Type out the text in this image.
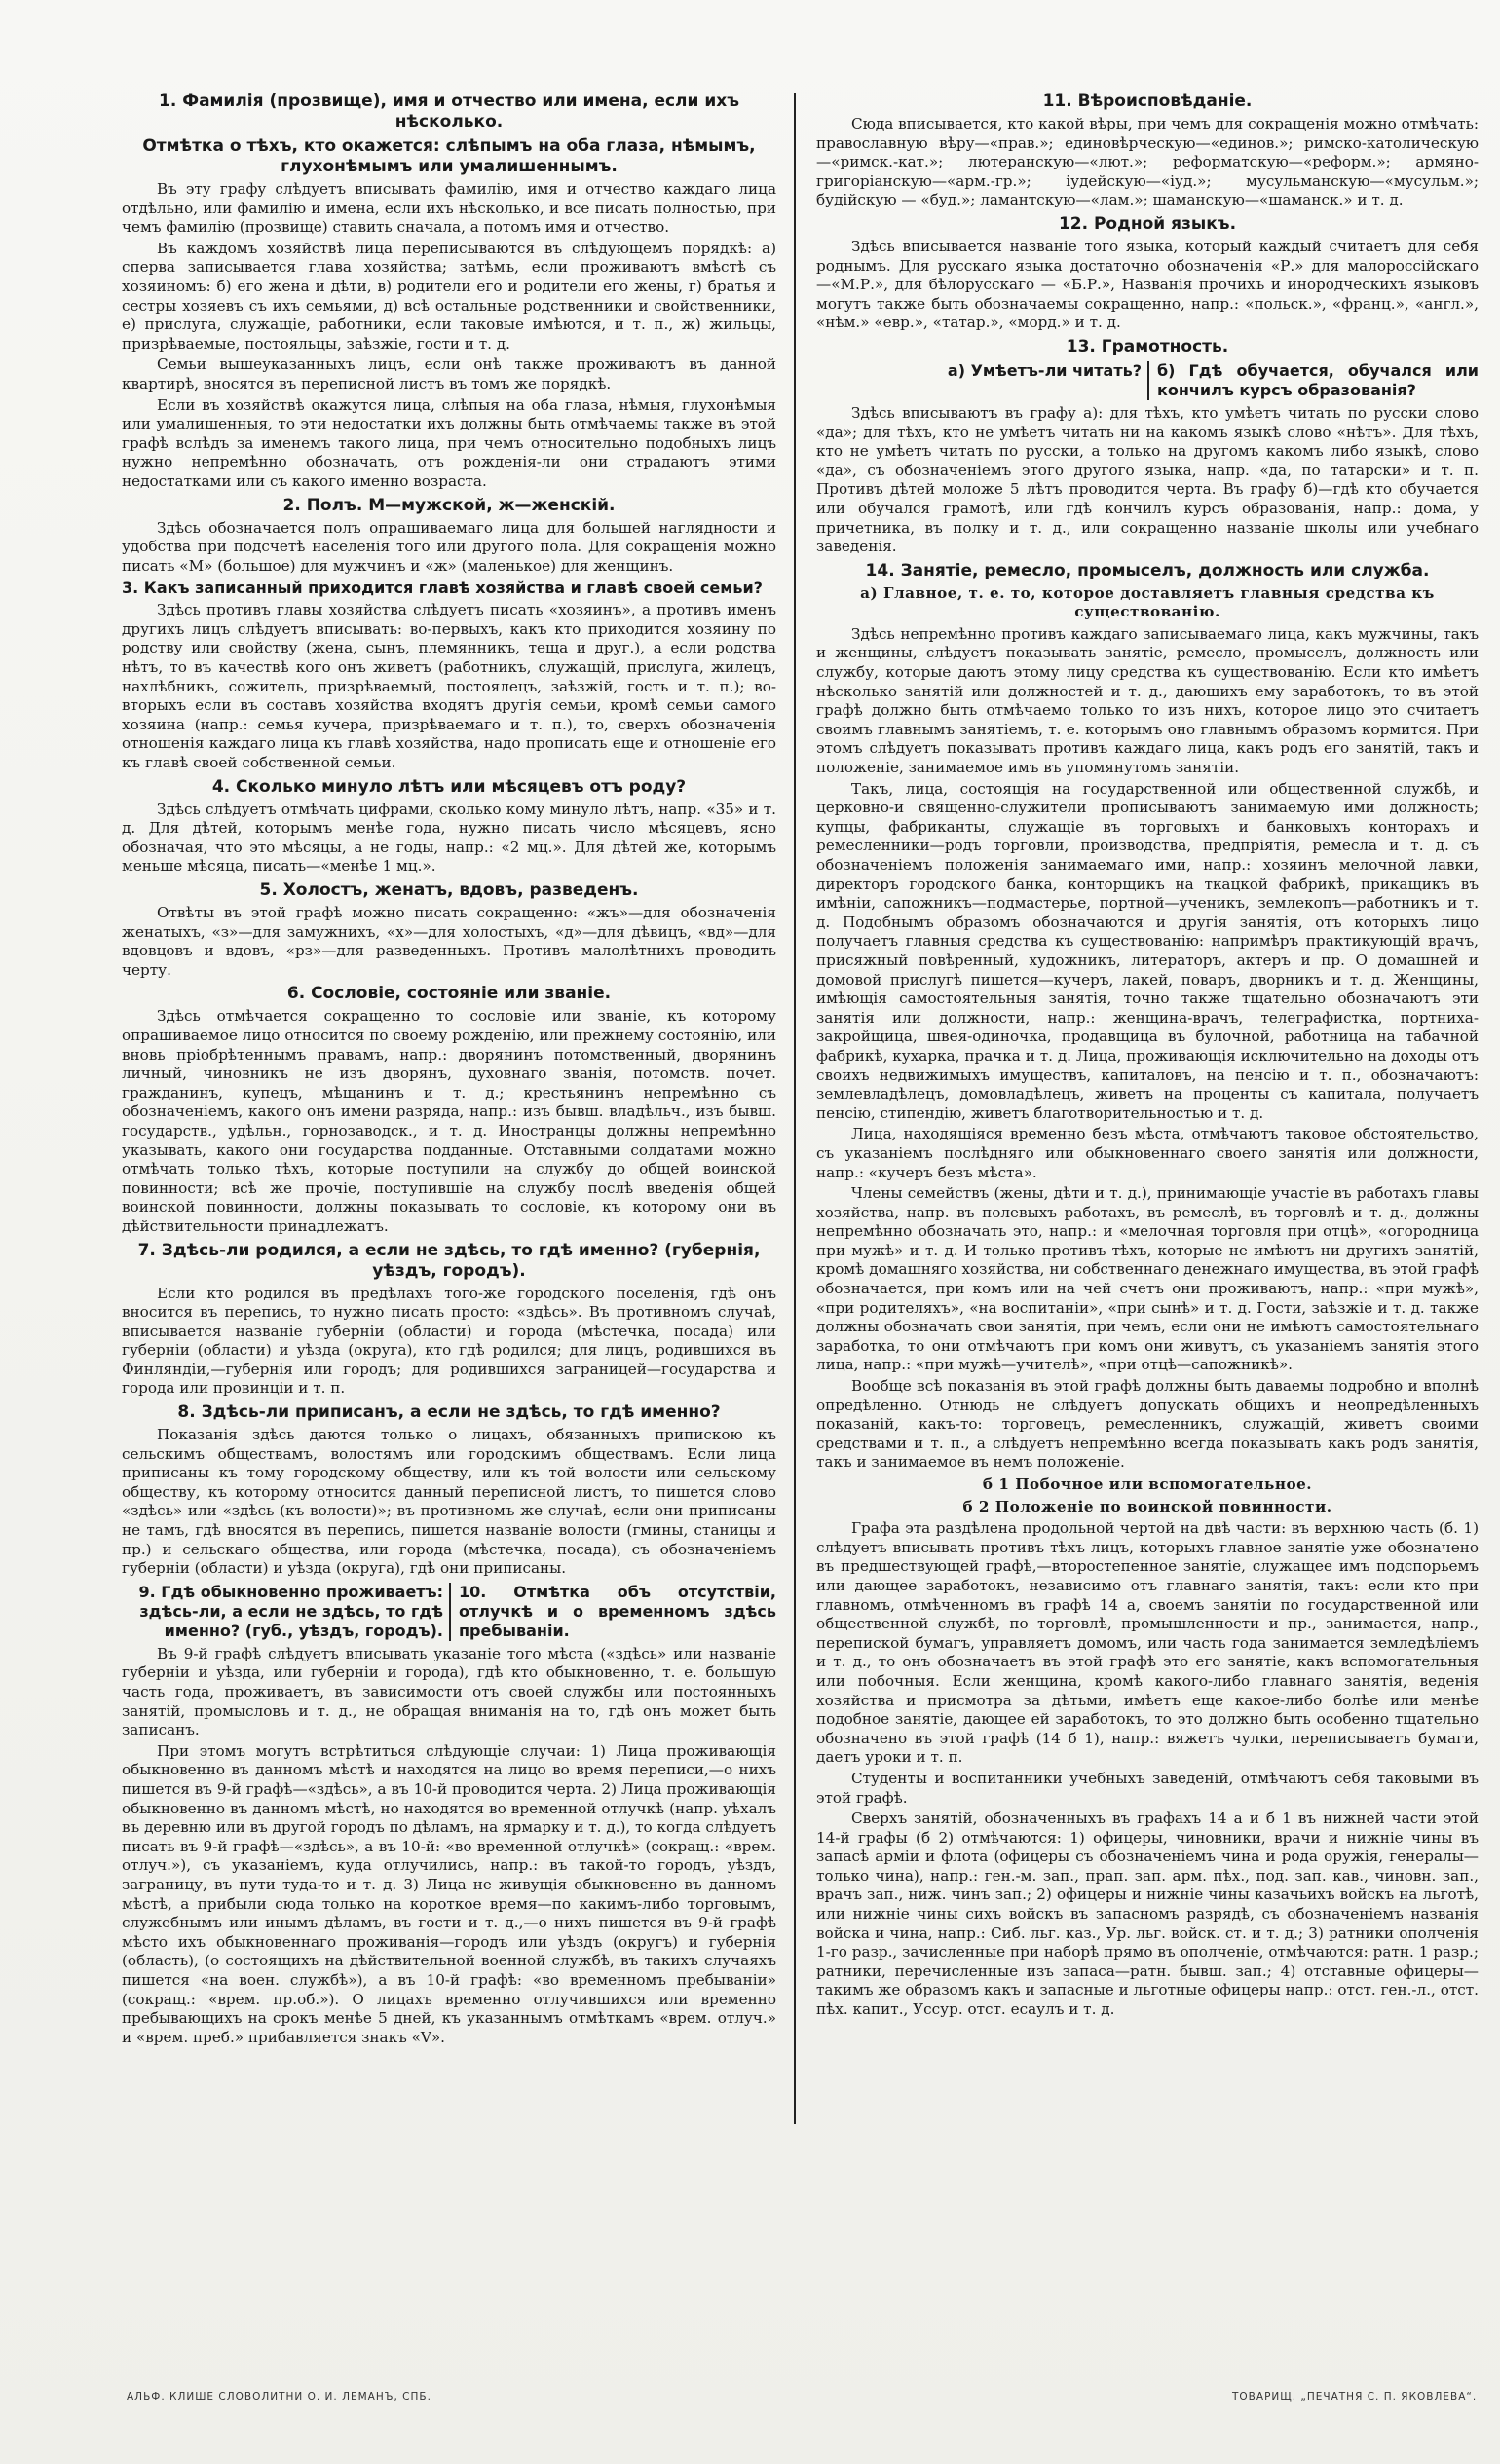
1. Фамилія (прозвище), имя и отчество или имена, если ихъ нѣсколько.
Отмѣтка о тѣхъ, кто окажется: слѣпымъ на оба глаза, нѣмымъ, глухонѣмымъ или умалишеннымъ.

Въ эту графу слѣдуетъ вписывать фамилію, имя и отчество каждаго лица отдѣльно, или фамилію и имена, если ихъ нѣсколько, и все писать полностью, при чемъ фамилію (прозвище) ставить сначала, а потомъ имя и отчество.

Въ каждомъ хозяйствѣ лица переписываются въ слѣдующемъ порядкѣ: а) сперва записывается глава хозяйства; затѣмъ, если проживаютъ вмѣстѣ съ хозяиномъ: б) его жена и дѣти, в) родители его и родители его жены, г) братья и сестры хозяевъ съ ихъ семьями, д) всѣ остальные родственники и свойственники, е) прислуга, служащіе, работники, если таковые имѣются, и т. п., ж) жильцы, призрѣваемые, постояльцы, заѣзжіе, гости и т. д.

Семьи вышеуказанныхъ лицъ, если онѣ также проживаютъ въ данной квартирѣ, вносятся въ переписной листъ въ томъ же порядкѣ.

Если въ хозяйствѣ окажутся лица, слѣпыя на оба глаза, нѣмыя, глухонѣмыя или умалишенныя, то эти недостатки ихъ должны быть отмѣчаемы также въ этой графѣ вслѣдъ за именемъ такого лица, при чемъ относительно подобныхъ лицъ нужно непремѣнно обозначать, отъ рожденія-ли они страдаютъ этими недостатками или съ какого именно возраста.

2. Полъ. М—мужской, ж—женскій.

Здѣсь обозначается полъ опрашиваемаго лица для большей наглядности и удобства при подсчетѣ населенія того или другого пола. Для сокращенія можно писать «М» (большое) для мужчинъ и «ж» (маленькое) для женщинъ.

3. Какъ записанный приходится главѣ хозяйства и главѣ своей семьи?

Здѣсь противъ главы хозяйства слѣдуетъ писать «хозяинъ», а противъ именъ другихъ лицъ слѣдуетъ вписывать: во-первыхъ, какъ кто приходится хозяину по родству или свойству (жена, сынъ, племянникъ, теща и друг.), а если родства нѣтъ, то въ качествѣ кого онъ живетъ (работникъ, служащій, прислуга, жилецъ, нахлѣбникъ, сожитель, призрѣваемый, постоялецъ, заѣзжій, гость и т. п.); во-вторыхъ если въ составъ хозяйства входятъ другія семьи, кромѣ семьи самого хозяина (напр.: семья кучера, призрѣваемаго и т. п.), то, сверхъ обозначенія отношенія каждаго лица къ главѣ хозяйства, надо прописать еще и отношеніе его къ главѣ своей собственной семьи.

4. Сколько минуло лѣтъ или мѣсяцевъ отъ роду?

Здѣсь слѣдуетъ отмѣчать цифрами, сколько кому минуло лѣтъ, напр. «35» и т. д. Для дѣтей, которымъ менѣе года, нужно писать число мѣсяцевъ, ясно обозначая, что это мѣсяцы, а не годы, напр.: «2 мц.». Для дѣтей же, которымъ меньше мѣсяца, писать—«менѣе 1 мц.».

5. Холостъ, женатъ, вдовъ, разведенъ.

Отвѣты въ этой графѣ можно писать сокращенно: «жъ»—для обозначенія женатыхъ, «з»—для замужнихъ, «х»—для холостыхъ, «д»—для дѣвицъ, «вд»—для вдовцовъ и вдовъ, «рз»—для разведенныхъ. Противъ малолѣтнихъ проводить черту.

6. Сословіе, состояніе или званіе.

Здѣсь отмѣчается сокращенно то сословіе или званіе, къ которому опрашиваемое лицо относится по своему рожденію, или прежнему состоянію, или вновь пріобрѣтеннымъ правамъ, напр.: дворянинъ потомственный, дворянинъ личный, чиновникъ не изъ дворянъ, духовнаго званія, потомств. почет. гражданинъ, купецъ, мѣщанинъ и т. д.; крестьянинъ непремѣнно съ обозначеніемъ, какого онъ имени разряда, напр.: изъ бывш. владѣльч., изъ бывш. государств., удѣльн., горнозаводск., и т. д. Иностранцы должны непремѣнно указывать, какого они государства подданные. Отставными солдатами можно отмѣчать только тѣхъ, которые поступили на службу до общей воинской повинности; всѣ же прочіе, поступившіе на службу послѣ введенія общей воинской повинности, должны показывать то сословіе, къ которому они въ дѣйствительности принадлежатъ.

7. Здѣсь-ли родился, а если не здѣсь, то гдѣ именно? (губернія, уѣздъ, городъ).

Если кто родился въ предѣлахъ того-же городского поселенія, гдѣ онъ вносится въ перепись, то нужно писать просто: «здѣсь». Въ противномъ случаѣ, вписывается названіе губерніи (области) и города (мѣстечка, посада) или губерніи (области) и уѣзда (округа), кто гдѣ родился; для лицъ, родившихся въ Финляндіи,—губернія или городъ; для родившихся заграницей—государства и города или провинціи и т. п.

8. Здѣсь-ли приписанъ, а если не здѣсь, то гдѣ именно?

Показанія здѣсь даются только о лицахъ, обязанныхъ припискою къ сельскимъ обществамъ, волостямъ или городскимъ обществамъ. Если лица приписаны къ тому городскому обществу, или къ той волости или сельскому обществу, къ которому относится данный переписной листъ, то пишется слово «здѣсь» или «здѣсь (къ волости)»; въ противномъ же случаѣ, если они приписаны не тамъ, гдѣ вносятся въ перепись, пишется названіе волости (гмины, станицы и пр.) и сельскаго общества, или города (мѣстечка, посада), съ обозначеніемъ губерніи (области) и уѣзда (округа), гдѣ они приписаны.

9. Гдѣ обыкновенно проживаетъ: здѣсь-ли, а если не здѣсь, то гдѣ именно? (губ., уѣздъ, городъ).
10. Отмѣтка объ отсутствіи, отлучкѣ и о временномъ здѣсь пребываніи.

Въ 9-й графѣ слѣдуетъ вписывать указаніе того мѣста («здѣсь» или названіе губерніи и уѣзда, или губерніи и города), гдѣ кто обыкновенно, т. е. большую часть года, проживаетъ, въ зависимости отъ своей службы или постоянныхъ занятій, промысловъ и т. д., не обращая вниманія на то, гдѣ онъ может быть записанъ.

При этомъ могутъ встрѣтиться слѣдующіе случаи: 1) Лица проживающія обыкновенно въ данномъ мѣстѣ и находятся на лицо во время переписи,—о нихъ пишется въ 9-й графѣ—«здѣсь», а въ 10-й проводится черта. 2) Лица проживающія обыкновенно въ данномъ мѣстѣ, но находятся во временной отлучкѣ (напр. уѣхалъ въ деревню или въ другой городъ по дѣламъ, на ярмарку и т. д.), то когда слѣдуетъ писать въ 9-й графѣ—«здѣсь», а въ 10-й: «во временной отлучкѣ» (сокращ.: «врем. отлуч.»), съ указаніемъ, куда отлучились, напр.: въ такой-то городъ, уѣздъ, заграницу, въ пути туда-то и т. д. 3) Лица не живущія обыкновенно въ данномъ мѣстѣ, а прибыли сюда только на короткое время—по какимъ-либо торговымъ, служебнымъ или инымъ дѣламъ, въ гости и т. д.,—о нихъ пишется въ 9-й графѣ мѣсто ихъ обыкновеннаго проживанія—городъ или уѣздъ (округъ) и губернія (область), (о состоящихъ на дѣйствительной военной службѣ, въ такихъ случаяхъ пишется «на воен. службѣ»), а въ 10-й графѣ: «во временномъ пребываніи» (сокращ.: «врем. пр.об.»). О лицахъ временно отлучившихся или временно пребывающихъ на срокъ менѣе 5 дней, къ указаннымъ отмѣткамъ «врем. отлуч.» и «врем. преб.» прибавляется знакъ «V».

11. Вѣроисповѣданіе.

Сюда вписывается, кто какой вѣры, при чемъ для сокращенія можно отмѣчать: православную вѣру—«прав.»; единовѣрческую—«единов.»; римско-католическую—«римск.-кат.»; лютеранскую—«лют.»; реформатскую—«реформ.»; армяно-григоріанскую—«арм.-гр.»; іудейскую—«іуд.»; мусульманскую—«мусульм.»; будійскую — «буд.»; ламантскую—«лам.»; шаманскую—«шаманск.» и т. д.

12. Родной языкъ.

Здѣсь вписывается названіе того языка, который каждый считаетъ для себя роднымъ. Для русскаго языка достаточно обозначенія «Р.» для малороссійскаго—«М.Р.», для бѣлорусскаго — «Б.Р.», Названія прочихъ и инородческихъ языковъ могутъ также быть обозначаемы сокращенно, напр.: «польск.», «франц.», «англ.», «нѣм.» «евр.», «татар.», «морд.» и т. д.

13. Грамотность.
а) Умѣетъ-ли читать?	б) Гдѣ обучается, обучался или кончилъ курсъ образованія?

Здѣсь вписываютъ въ графу а): для тѣхъ, кто умѣетъ читать по русски слово «да»; для тѣхъ, кто не умѣетъ читать ни на какомъ языкѣ слово «нѣтъ». Для тѣхъ, кто не умѣетъ читать по русски, а только на другомъ какомъ либо языкѣ, слово «да», съ обозначеніемъ этого другого языка, напр. «да, по татарски» и т. п. Противъ дѣтей моложе 5 лѣтъ проводится черта. Въ графу б)—гдѣ кто обучается или обучался грамотѣ, или гдѣ кончилъ курсъ образованія, напр.: дома, у причетника, въ полку и т. д., или сокращенно названіе школы или учебнаго заведенія.

14. Занятіе, ремесло, промыселъ, должность или служба.
а) Главное, т. е. то, которое доставляетъ главныя средства къ существованію.

Здѣсь непремѣнно противъ каждаго записываемаго лица, какъ мужчины, такъ и женщины, слѣдуетъ показывать занятіе, ремесло, промыселъ, должность или службу, которые даютъ этому лицу средства къ существованію. Если кто имѣетъ нѣсколько занятій или должностей и т. д., дающихъ ему заработокъ, то въ этой графѣ должно быть отмѣчаемо только то изъ нихъ, которое лицо это считаетъ своимъ главнымъ занятіемъ, т. е. которымъ оно главнымъ образомъ кормится. При этомъ слѣдуетъ показывать противъ каждаго лица, какъ родъ его занятій, такъ и положеніе, занимаемое имъ въ упомянутомъ занятіи.

Такъ, лица, состоящія на государственной или общественной службѣ, и церковно-и священно-служители прописываютъ занимаемую ими должность; купцы, фабриканты, служащіе въ торговыхъ и банковыхъ конторахъ и ремесленники—родъ торговли, производства, предпріятія, ремесла и т. д. съ обозначеніемъ положенія занимаемаго ими, напр.: хозяинъ мелочной лавки, директоръ городского банка, конторщикъ на ткацкой фабрикѣ, прикащикъ въ имѣніи, сапожникъ—подмастерье, портной—ученикъ, землекопъ—работникъ и т. д. Подобнымъ образомъ обозначаются и другія занятія, отъ которыхъ лицо получаетъ главныя средства къ существованію: напримѣръ практикующій врачъ, присяжный повѣренный, художникъ, литераторъ, актеръ и пр. О домашней и домовой прислугѣ пишется—кучеръ, лакей, поваръ, дворникъ и т. д. Женщины, имѣющія самостоятельныя занятія, точно также тщательно обозначаютъ эти занятія или должности, напр.: женщина-врачъ, телеграфистка, портниха-закройщица, швея-одиночка, продавщица въ булочной, работница на табачной фабрикѣ, кухарка, прачка и т. д. Лица, проживающія исключительно на доходы отъ своихъ недвижимыхъ имуществъ, капиталовъ, на пенсію и т. п., обозначаютъ: землевладѣлецъ, домовладѣлецъ, живетъ на проценты съ капитала, получаетъ пенсію, стипендію, живетъ благотворительностью и т. д.

Лица, находящіяся временно безъ мѣста, отмѣчаютъ таковое обстоятельство, съ указаніемъ послѣдняго или обыкновеннаго своего занятія или должности, напр.: «кучеръ безъ мѣста».

Члены семействъ (жены, дѣти и т. д.), принимающіе участіе въ работахъ главы хозяйства, напр. въ полевыхъ работахъ, въ ремеслѣ, въ торговлѣ и т. д., должны непремѣнно обозначать это, напр.: и «мелочная торговля при отцѣ», «огородница при мужѣ» и т. д. И только противъ тѣхъ, которые не имѣютъ ни другихъ занятій, кромѣ домашняго хозяйства, ни собственнаго денежнаго имущества, въ этой графѣ обозначается, при комъ или на чей счетъ они проживаютъ, напр.: «при мужѣ», «при родителяхъ», «на воспитаніи», «при сынѣ» и т. д. Гости, заѣзжіе и т. д. также должны обозначать свои занятія, при чемъ, если они не имѣютъ самостоятельнаго заработка, то они отмѣчаютъ при комъ они живутъ, съ указаніемъ занятія этого лица, напр.: «при мужѣ—учителѣ», «при отцѣ—сапожникѣ».

Вообще всѣ показанія въ этой графѣ должны быть даваемы подробно и вполнѣ опредѣленно. Отнюдь не слѣдуетъ допускать общихъ и неопредѣленныхъ показаній, какъ-то: торговецъ, ремесленникъ, служащій, живетъ своими средствами и т. п., а слѣдуетъ непремѣнно всегда показывать какъ родъ занятія, такъ и занимаемое въ немъ положеніе.

б 1 Побочное или вспомогательное.
б 2 Положеніе по воинской повинности.

Графа эта раздѣлена продольной чертой на двѣ части: въ верхнюю часть (б. 1) слѣдуетъ вписывать противъ тѣхъ лицъ, которыхъ главное занятіе уже обозначено въ предшествующей графѣ,—второстепенное занятіе, служащее имъ подспорьемъ или дающее заработокъ, независимо отъ главнаго занятія, такъ: если кто при главномъ, отмѣченномъ въ графѣ 14 а, своемъ занятіи по государственной или общественной службѣ, по торговлѣ, промышленности и пр., занимается, напр., перепиской бумагъ, управляетъ домомъ, или часть года занимается земледѣліемъ и т. д., то онъ обозначаетъ въ этой графѣ это его занятіе, какъ вспомогательныя или побочныя. Если женщина, кромѣ какого-либо главнаго занятія, веденія хозяйства и присмотра за дѣтьми, имѣетъ еще какое-либо болѣе или менѣе подобное занятіе, дающее ей заработокъ, то это должно быть особенно тщательно обозначено въ этой графѣ (14 б 1), напр.: вяжетъ чулки, переписываетъ бумаги, даетъ уроки и т. п.

Студенты и воспитанники учебныхъ заведеній, отмѣчаютъ себя таковыми въ этой графѣ.

Сверхъ занятій, обозначенныхъ въ графахъ 14 а и б 1 въ нижней части этой 14-й графы (б 2) отмѣчаются: 1) офицеры, чиновники, врачи и нижніе чины въ запасѣ арміи и флота (офицеры съ обозначеніемъ чина и рода оружія, генералы—только чина), напр.: ген.-м. зап., прап. зап. арм. пѣх., под. зап. кав., чиновн. зап., врачъ зап., ниж. чинъ зап.; 2) офицеры и нижніе чины казачьихъ войскъ на льготѣ, или нижніе чины сихъ войскъ въ запасномъ разрядѣ, съ обозначеніемъ названія войска и чина, напр.: Сиб. льг. каз., Ур. льг. войск. ст. и т. д.; 3) ратники ополченія 1-го разр., зачисленные при наборѣ прямо въ ополченіе, отмѣчаются: ратн. 1 разр.; ратники, перечисленные изъ запаса—ратн. бывш. зап.; 4) отставные офицеры—такимъ же образомъ какъ и запасные и льготные офицеры напр.: отст. ген.-л., отст. пѣх. капит., Уссур. отст. есаулъ и т. д.

АЛЬФ. КЛИШЕ СЛОВОЛИТНИ О. И. ЛЕМАНЪ, СПБ.	ТОВАРИЩ. „ПЕЧАТНЯ С. П. ЯКОВЛЕВА“.
